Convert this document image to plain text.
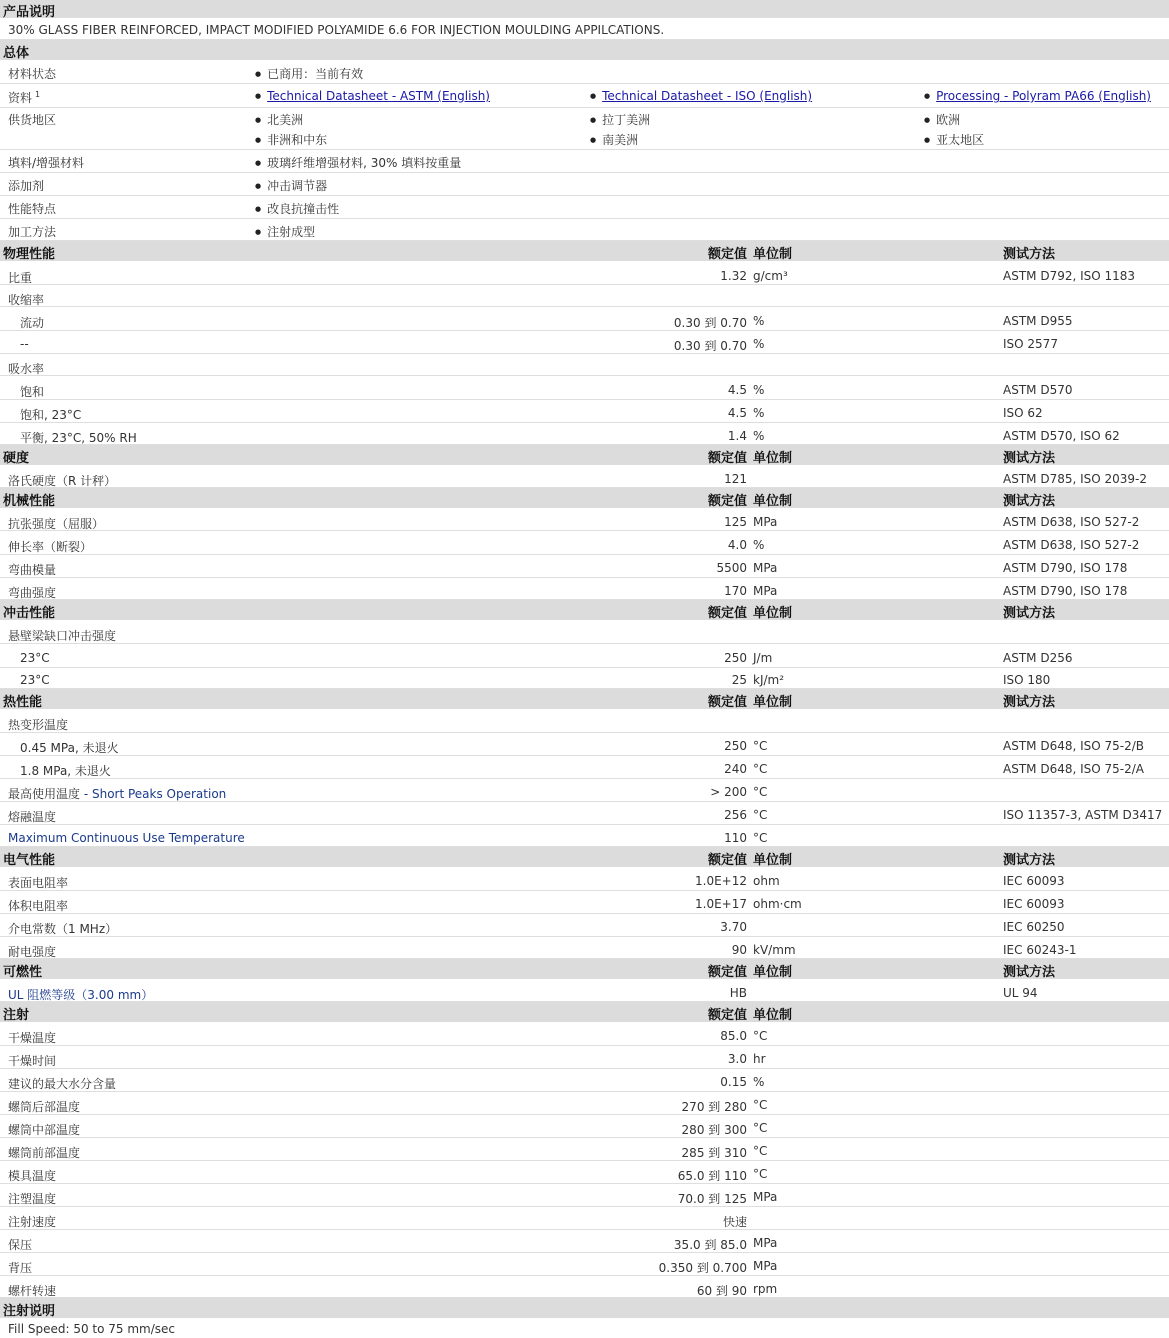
产品说明
30% GLASS FIBER REINFORCED, IMPACT MODIFIED POLYAMIDE 6.6 FOR INJECTION MOULDING APPILCATIONS.
总体
材料状态	● 已商用：当前有效
资料 $^1$	● Technical Datasheet - ASTM (English)	● Technical Datasheet - ISO (English)	● Processing - Polyram PA66 (English)
供货地区	● 北美洲	● 拉丁美洲	● 欧洲
● 非洲和中东	● 南美洲	● 亚太地区
填料/增强材料	● 玻璃纤维增强材料, 30% 填料按重量
添加剂	● 冲击调节器
性能特点	● 改良抗撞击性
加工方法	● 注射成型
物理性能	额定值 单位制	测试方法
比重	1.32 g/cm³	ASTM D792, ISO 1183
收缩率
流动	0.30 到 0.70 %	ASTM D955
--	0.30 到 0.70 %	ISO 2577
吸水率
饱和	4.5 %	ASTM D570
饱和, 23°C	4.5 %	ISO 62
平衡, 23°C, 50% RH	1.4 %	ASTM D570, ISO 62
硬度	额定值 单位制	测试方法
洛氏硬度（R 计秤）	121	ASTM D785, ISO 2039-2
机械性能	额定值 单位制	测试方法
抗张强度（屈服）	125 MPa	ASTM D638, ISO 527-2
伸长率（断裂）	4.0 %	ASTM D638, ISO 527-2
弯曲模量	5500 MPa	ASTM D790, ISO 178
弯曲强度	170 MPa	ASTM D790, ISO 178
冲击性能	额定值 单位制	测试方法
悬壁梁缺口冲击强度
23°C	250 J/m	ASTM D256
23°C	25 kJ/m²	ISO 180
热性能	额定值 单位制	测试方法
热变形温度
0.45 MPa, 未退火	250 °C	ASTM D648, ISO 75-2/B
1.8 MPa, 未退火	240 °C	ASTM D648, ISO 75-2/A
最高使用温度 - Short Peaks Operation	> 200 °C
熔融温度	256 °C	ISO 11357-3, ASTM D3417
Maximum Continuous Use Temperature	110 °C
电气性能	额定值 单位制	测试方法
表面电阻率	1.0E+12 ohm	IEC 60093
体积电阻率	1.0E+17 ohm·cm	IEC 60093
介电常数（1 MHz）	3.70	IEC 60250
耐电强度	90 kV/mm	IEC 60243-1
可燃性	额定值 单位制	测试方法
UL 阻燃等级（3.00 mm）	HB	UL 94
注射	额定值 单位制
干燥温度	85.0 °C
干燥时间	3.0 hr
建议的最大水分含量	0.15 %
螺筒后部温度	270 到 280 °C
螺筒中部温度	280 到 300 °C
螺筒前部温度	285 到 310 °C
模具温度	65.0 到 110 °C
注塑温度	70.0 到 125 MPa
注射速度	快速
保压	35.0 到 85.0 MPa
背压	0.350 到 0.700 MPa
螺杆转速	60 到 90 rpm
注射说明
Fill Speed: 50 to 75 mm/sec
